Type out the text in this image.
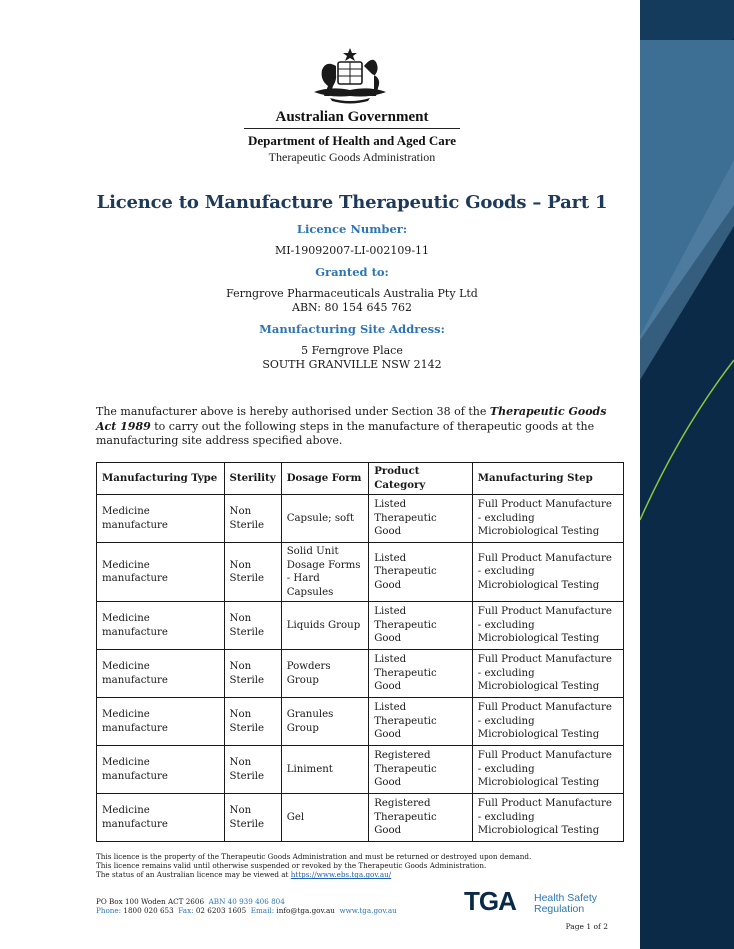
Australian Government
Department of Health and Aged Care
Therapeutic Goods Administration
Licence to Manufacture Therapeutic Goods – Part 1
Licence Number:
MI-19092007-LI-002109-11
Granted to:
Ferngrove Pharmaceuticals Australia Pty Ltd
ABN: 80 154 645 762
Manufacturing Site Address:
5 Ferngrove Place
SOUTH GRANVILLE NSW 2142
The manufacturer above is hereby authorised under Section 38 of the Therapeutic Goods Act 1989 to carry out the following steps in the manufacture of therapeutic goods at the manufacturing site address specified above.
Manufacturing Type	Sterility	Dosage Form	Product Category	Manufacturing Step
Medicine manufacture	Non Sterile	Capsule; soft	Listed Therapeutic Good	Full Product Manufacture - excluding Microbiological Testing
Medicine manufacture	Non Sterile	Solid Unit Dosage Forms - Hard Capsules	Listed Therapeutic Good	Full Product Manufacture - excluding Microbiological Testing
Medicine manufacture	Non Sterile	Liquids Group	Listed Therapeutic Good	Full Product Manufacture - excluding Microbiological Testing
Medicine manufacture	Non Sterile	Powders Group	Listed Therapeutic Good	Full Product Manufacture - excluding Microbiological Testing
Medicine manufacture	Non Sterile	Granules Group	Listed Therapeutic Good	Full Product Manufacture - excluding Microbiological Testing
Medicine manufacture	Non Sterile	Liniment	Registered Therapeutic Good	Full Product Manufacture - excluding Microbiological Testing
Medicine manufacture	Non Sterile	Gel	Registered Therapeutic Good	Full Product Manufacture - excluding Microbiological Testing
This licence is the property of the Therapeutic Goods Administration and must be returned or destroyed upon demand.
This licence remains valid until otherwise suspended or revoked by the Therapeutic Goods Administration.
The status of an Australian licence may be viewed at https://www.ebs.tga.gov.au/
PO Box 100 Woden ACT 2606 ABN 40 939 406 804
Phone: 1800 020 653 Fax: 02 6203 1605 Email: info@tga.gov.au www.tga.gov.au	TGA Health Safety
Regulation
Page 1 of 2
